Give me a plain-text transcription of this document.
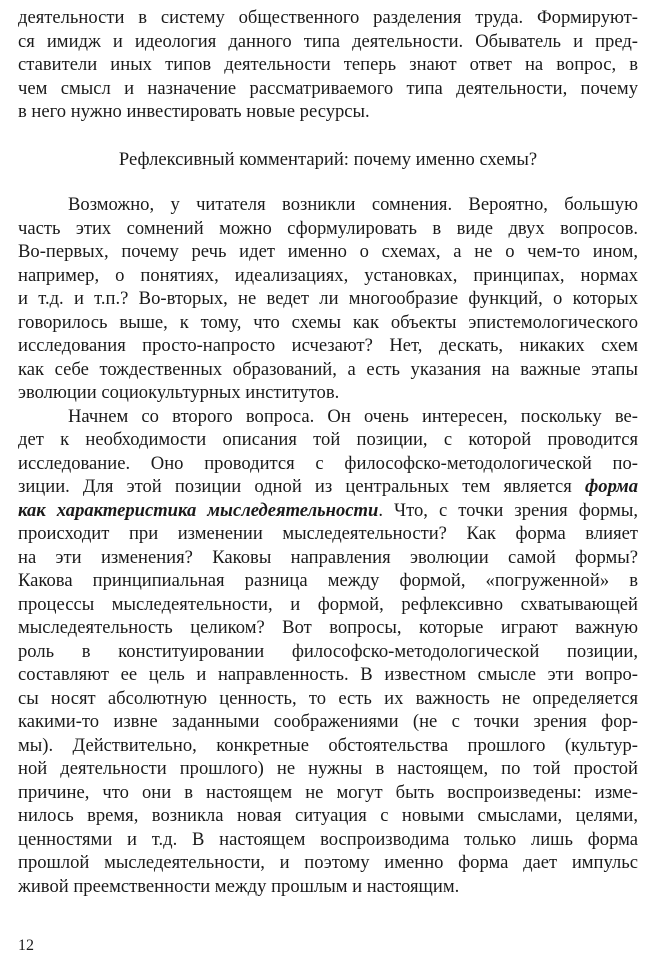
деятельности в систему общественного разделения труда. Формируют-
ся имидж и идеология данного типа деятельности. Обыватель и пред-
ставители иных типов деятельности теперь знают ответ на вопрос, в
чем смысл и назначение рассматриваемого типа деятельности, почему
в него нужно инвестировать новые ресурсы.
Рефлексивный комментарий: почему именно схемы?
Возможно, у читателя возникли сомнения. Вероятно, большую
часть этих сомнений можно сформулировать в виде двух вопросов.
Во-первых, почему речь идет именно о схемах, а не о чем-то ином,
например, о понятиях, идеализациях, установках, принципах, нормах
и т.д. и т.п.? Во-вторых, не ведет ли многообразие функций, о которых
говорилось выше, к тому, что схемы как объекты эпистемологического
исследования просто-напросто исчезают? Нет, дескать, никаких схем
как себе тождественных образований, а есть указания на важные этапы
эволюции социокультурных институтов.
Начнем со второго вопроса. Он очень интересен, поскольку ве-
дет к необходимости описания той позиции, с которой проводится
исследование. Оно проводится с философско-методологической по-
зиции. Для этой позиции одной из центральных тем является форма
как характеристика мыследеятельности. Что, с точки зрения формы,
происходит при изменении мыследеятельности? Как форма влияет
на эти изменения? Каковы направления эволюции самой формы?
Какова принципиальная разница между формой, «погруженной» в
процессы мыследеятельности, и формой, рефлексивно схватывающей
мыследеятельность целиком? Вот вопросы, которые играют важную
роль в конституировании философско-методологической позиции,
составляют ее цель и направленность. В известном смысле эти вопро-
сы носят абсолютную ценность, то есть их важность не определяется
какими-то извне заданными соображениями (не с точки зрения фор-
мы). Действительно, конкретные обстоятельства прошлого (культур-
ной деятельности прошлого) не нужны в настоящем, по той простой
причине, что они в настоящем не могут быть воспроизведены: изме-
нилось время, возникла новая ситуация с новыми смыслами, целями,
ценностями и т.д. В настоящем воспроизводима только лишь форма
прошлой мыследеятельности, и поэтому именно форма дает импульс
живой преемственности между прошлым и настоящим.
12
